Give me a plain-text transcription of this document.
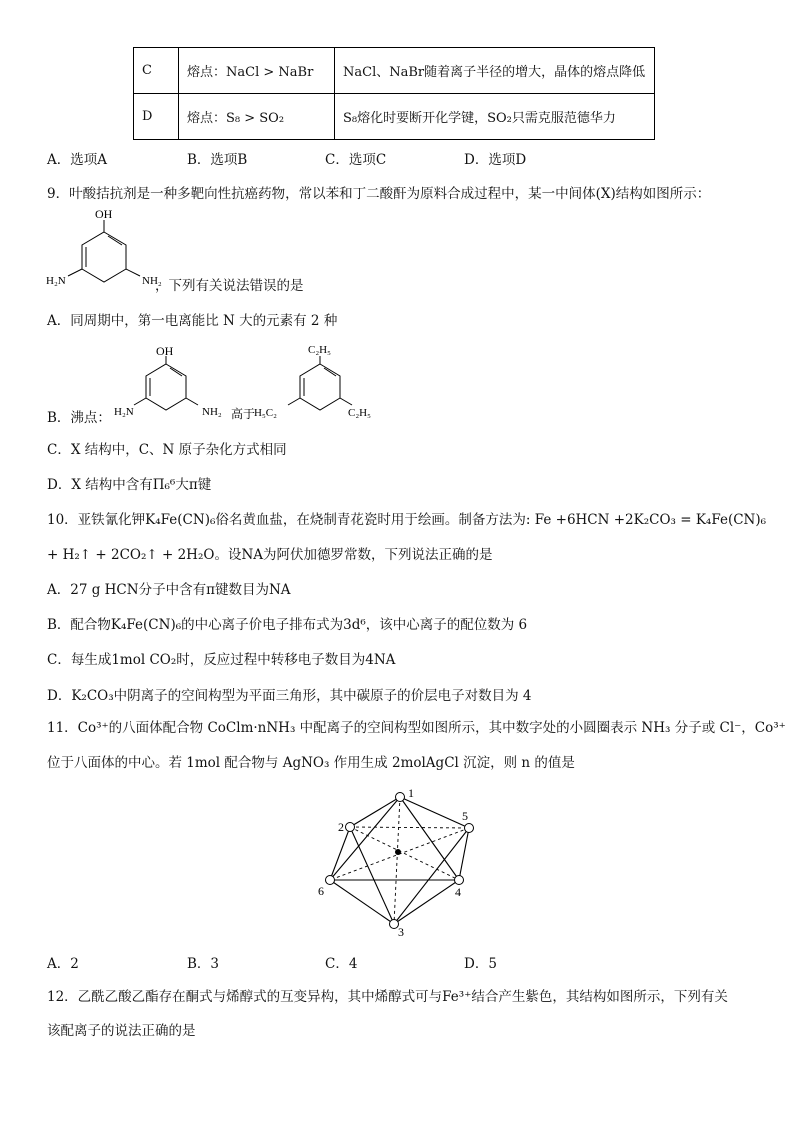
C	熔点：NaCl > NaBr	NaCl、NaBr随着离子半径的增大，晶体的熔点降低
D	熔点：S₈ > SO₂	S₈熔化时要断开化学键，SO₂只需克服范德华力
A．选项A	B．选项B	C．选项C	D．选项D
9．叶酸拮抗剂是一种多靶向性抗癌药物，常以苯和丁二酸酐为原料合成过程中，某一中间体(X)结构如图所示：
OH
H₂N	NH₂
，下列有关说法错误的是
A．同周期中，第一电离能比 N 大的元素有 2 种
B．沸点：
OH
H₂N	NH₂ 高于
C₂H₅
H₅C₂	C₂H₅
C．X 结构中，C、N 原子杂化方式相同
D．X 结构中含有Π₆⁶大π键
10．亚铁氰化钾K₄Fe(CN)₆俗名黄血盐，在烧制青花瓷时用于绘画。制备方法为: Fe +6HCN +2K₂CO₃ = K₄Fe(CN)₆
+ H₂↑ + 2CO₂↑ + 2H₂O。设NA为阿伏加德罗常数，下列说法正确的是
A．27 g HCN分子中含有π键数目为NA
B．配合物K₄Fe(CN)₆的中心离子价电子排布式为3d⁶，该中心离子的配位数为 6
C．每生成1mol CO₂时，反应过程中转移电子数目为4NA
D．K₂CO₃中阴离子的空间构型为平面三角形，其中碳原子的价层电子对数目为 4
11．Co³⁺的八面体配合物 CoClm·nNH₃ 中配离子的空间构型如图所示，其中数字处的小圆圈表示 NH₃ 分子或 Cl⁻，Co³⁺
位于八面体的中心。若 1mol 配合物与 AgNO₃ 作用生成 2molAgCl 沉淀，则 n 的值是
1
2
3
4
5
6
A．2	B．3	C．4	D．5
12．乙酰乙酸乙酯存在酮式与烯醇式的互变异构，其中烯醇式可与Fe³⁺结合产生紫色，其结构如图所示，下列有关
该配离子的说法正确的是
